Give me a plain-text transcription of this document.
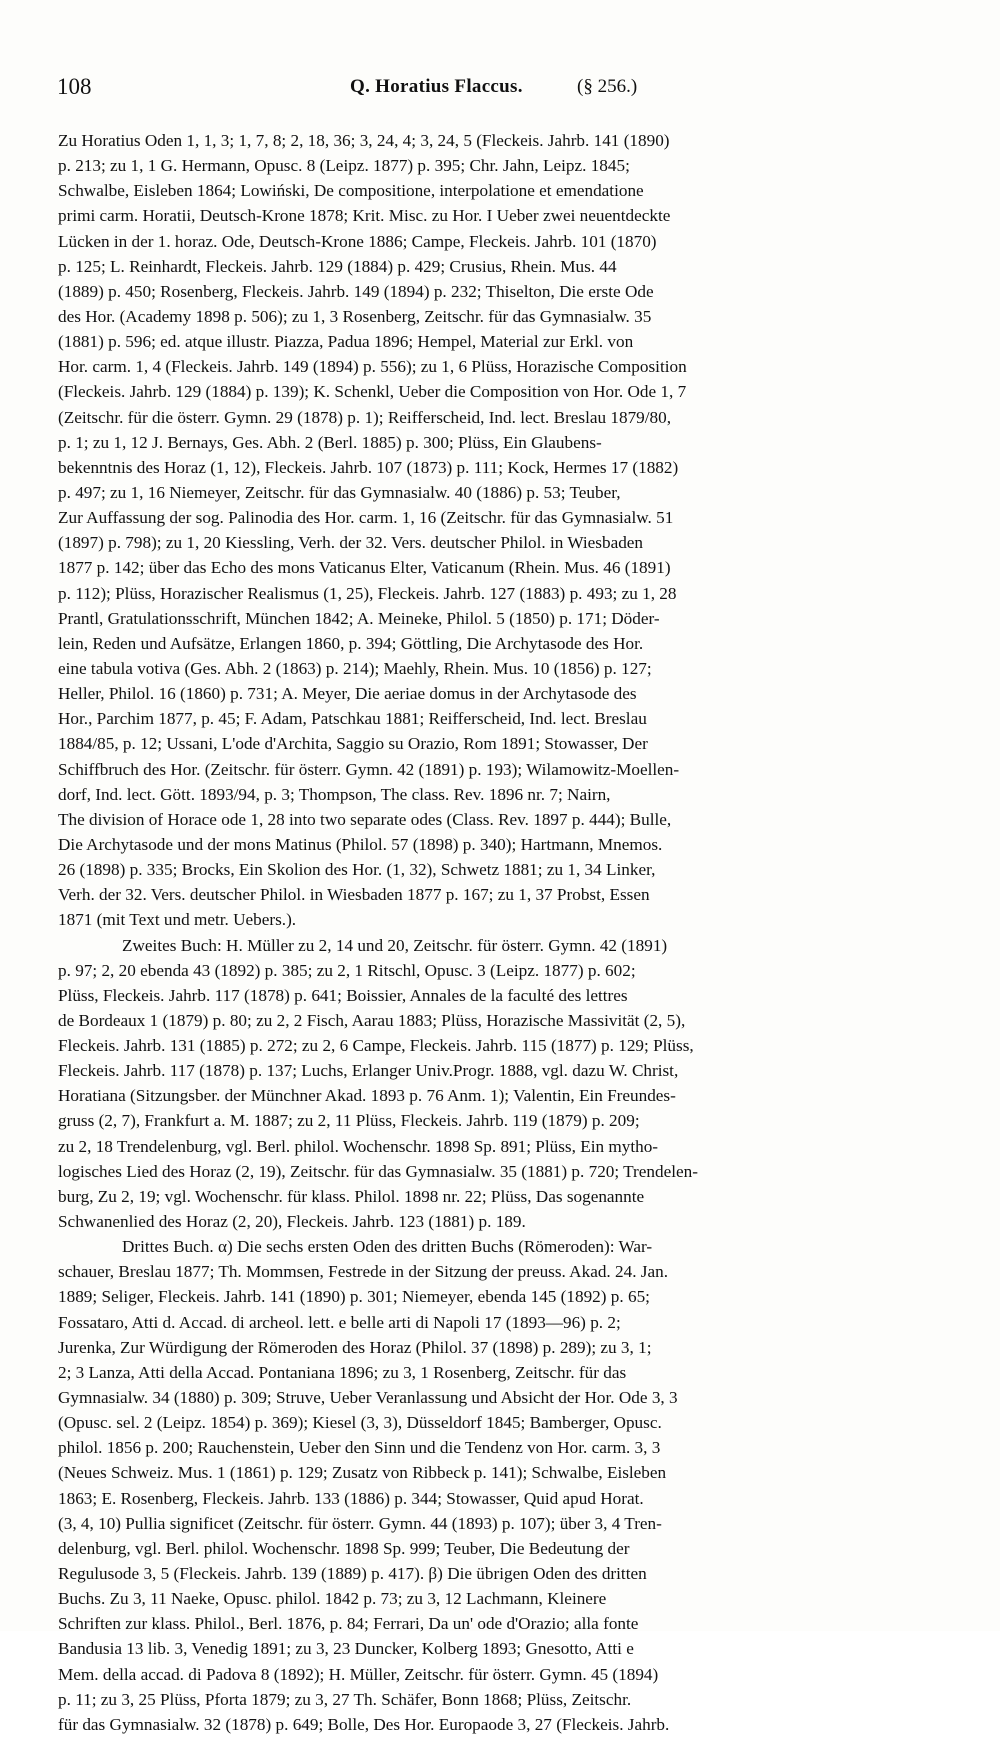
108	Q. Horatius Flaccus.	(§ 256.)
Zu Horatius Oden 1, 1, 3; 1, 7, 8; 2, 18, 36; 3, 24, 4; 3, 24, 5 (Fleckeis. Jahrb. 141 (1890)
p. 213; zu 1, 1 G. Hermann, Opusc. 8 (Leipz. 1877) p. 395; Chr. Jahn, Leipz. 1845;
Schwalbe, Eisleben 1864; Lowiński, De compositione, interpolatione et emendatione
primi carm. Horatii, Deutsch-Krone 1878; Krit. Misc. zu Hor. I Ueber zwei neuentdeckte
Lücken in der 1. horaz. Ode, Deutsch-Krone 1886; Campe, Fleckeis. Jahrb. 101 (1870)
p. 125; L. Reinhardt, Fleckeis. Jahrb. 129 (1884) p. 429; Crusius, Rhein. Mus. 44
(1889) p. 450; Rosenberg, Fleckeis. Jahrb. 149 (1894) p. 232; Thiselton, Die erste Ode
des Hor. (Academy 1898 p. 506); zu 1, 3 Rosenberg, Zeitschr. für das Gymnasialw. 35
(1881) p. 596; ed. atque illustr. Piazza, Padua 1896; Hempel, Material zur Erkl. von
Hor. carm. 1, 4 (Fleckeis. Jahrb. 149 (1894) p. 556); zu 1, 6 Plüss, Horazische Composition
(Fleckeis. Jahrb. 129 (1884) p. 139); K. Schenkl, Ueber die Composition von Hor. Ode 1, 7
(Zeitschr. für die österr. Gymn. 29 (1878) p. 1); Reifferscheid, Ind. lect. Breslau 1879/80,
p. 1; zu 1, 12 J. Bernays, Ges. Abh. 2 (Berl. 1885) p. 300; Plüss, Ein Glaubens-
bekenntnis des Horaz (1, 12), Fleckeis. Jahrb. 107 (1873) p. 111; Kock, Hermes 17 (1882)
p. 497; zu 1, 16 Niemeyer, Zeitschr. für das Gymnasialw. 40 (1886) p. 53; Teuber,
Zur Auffassung der sog. Palinodia des Hor. carm. 1, 16 (Zeitschr. für das Gymnasialw. 51
(1897) p. 798); zu 1, 20 Kiessling, Verh. der 32. Vers. deutscher Philol. in Wiesbaden
1877 p. 142; über das Echo des mons Vaticanus Elter, Vaticanum (Rhein. Mus. 46 (1891)
p. 112); Plüss, Horazischer Realismus (1, 25), Fleckeis. Jahrb. 127 (1883) p. 493; zu 1, 28
Prantl, Gratulationsschrift, München 1842; A. Meineke, Philol. 5 (1850) p. 171; Döder-
lein, Reden und Aufsätze, Erlangen 1860, p. 394; Göttling, Die Archytasode des Hor.
eine tabula votiva (Ges. Abh. 2 (1863) p. 214); Maehly, Rhein. Mus. 10 (1856) p. 127;
Heller, Philol. 16 (1860) p. 731; A. Meyer, Die aeriae domus in der Archytasode des
Hor., Parchim 1877, p. 45; F. Adam, Patschkau 1881; Reifferscheid, Ind. lect. Breslau
1884/85, p. 12; Ussani, L'ode d'Archita, Saggio su Orazio, Rom 1891; Stowasser, Der
Schiffbruch des Hor. (Zeitschr. für österr. Gymn. 42 (1891) p. 193); Wilamowitz-Moellen-
dorf, Ind. lect. Gött. 1893/94, p. 3; Thompson, The class. Rev. 1896 nr. 7; Nairn,
The division of Horace ode 1, 28 into two separate odes (Class. Rev. 1897 p. 444); Bulle,
Die Archytasode und der mons Matinus (Philol. 57 (1898) p. 340); Hartmann, Mnemos.
26 (1898) p. 335; Brocks, Ein Skolion des Hor. (1, 32), Schwetz 1881; zu 1, 34 Linker,
Verh. der 32. Vers. deutscher Philol. in Wiesbaden 1877 p. 167; zu 1, 37 Probst, Essen
1871 (mit Text und metr. Uebers.).
Zweites Buch: H. Müller zu 2, 14 und 20, Zeitschr. für österr. Gymn. 42 (1891)
p. 97; 2, 20 ebenda 43 (1892) p. 385; zu 2, 1 Ritschl, Opusc. 3 (Leipz. 1877) p. 602;
Plüss, Fleckeis. Jahrb. 117 (1878) p. 641; Boissier, Annales de la faculté des lettres
de Bordeaux 1 (1879) p. 80; zu 2, 2 Fisch, Aarau 1883; Plüss, Horazische Massivität (2, 5),
Fleckeis. Jahrb. 131 (1885) p. 272; zu 2, 6 Campe, Fleckeis. Jahrb. 115 (1877) p. 129; Plüss,
Fleckeis. Jahrb. 117 (1878) p. 137; Luchs, Erlanger Univ.Progr. 1888, vgl. dazu W. Christ,
Horatiana (Sitzungsber. der Münchner Akad. 1893 p. 76 Anm. 1); Valentin, Ein Freundes-
gruss (2, 7), Frankfurt a. M. 1887; zu 2, 11 Plüss, Fleckeis. Jahrb. 119 (1879) p. 209;
zu 2, 18 Trendelenburg, vgl. Berl. philol. Wochenschr. 1898 Sp. 891; Plüss, Ein mytho-
logisches Lied des Horaz (2, 19), Zeitschr. für das Gymnasialw. 35 (1881) p. 720; Trendelen-
burg, Zu 2, 19; vgl. Wochenschr. für klass. Philol. 1898 nr. 22; Plüss, Das sogenannte
Schwanenlied des Horaz (2, 20), Fleckeis. Jahrb. 123 (1881) p. 189.
Drittes Buch. α) Die sechs ersten Oden des dritten Buchs (Römeroden): War-
schauer, Breslau 1877; Th. Mommsen, Festrede in der Sitzung der preuss. Akad. 24. Jan.
1889; Seliger, Fleckeis. Jahrb. 141 (1890) p. 301; Niemeyer, ebenda 145 (1892) p. 65;
Fossataro, Atti d. Accad. di archeol. lett. e belle arti di Napoli 17 (1893—96) p. 2;
Jurenka, Zur Würdigung der Römeroden des Horaz (Philol. 37 (1898) p. 289); zu 3, 1;
2; 3 Lanza, Atti della Accad. Pontaniana 1896; zu 3, 1 Rosenberg, Zeitschr. für das
Gymnasialw. 34 (1880) p. 309; Struve, Ueber Veranlassung und Absicht der Hor. Ode 3, 3
(Opusc. sel. 2 (Leipz. 1854) p. 369); Kiesel (3, 3), Düsseldorf 1845; Bamberger, Opusc.
philol. 1856 p. 200; Rauchenstein, Ueber den Sinn und die Tendenz von Hor. carm. 3, 3
(Neues Schweiz. Mus. 1 (1861) p. 129; Zusatz von Ribbeck p. 141); Schwalbe, Eisleben
1863; E. Rosenberg, Fleckeis. Jahrb. 133 (1886) p. 344; Stowasser, Quid apud Horat.
(3, 4, 10) Pullia significet (Zeitschr. für österr. Gymn. 44 (1893) p. 107); über 3, 4 Tren-
delenburg, vgl. Berl. philol. Wochenschr. 1898 Sp. 999; Teuber, Die Bedeutung der
Regulusode 3, 5 (Fleckeis. Jahrb. 139 (1889) p. 417). β) Die übrigen Oden des dritten
Buchs. Zu 3, 11 Naeke, Opusc. philol. 1842 p. 73; zu 3, 12 Lachmann, Kleinere
Schriften zur klass. Philol., Berl. 1876, p. 84; Ferrari, Da un' ode d'Orazio; alla fonte
Bandusia 13 lib. 3, Venedig 1891; zu 3, 23 Duncker, Kolberg 1893; Gnesotto, Atti e
Mem. della accad. di Padova 8 (1892); H. Müller, Zeitschr. für österr. Gymn. 45 (1894)
p. 11; zu 3, 25 Plüss, Pforta 1879; zu 3, 27 Th. Schäfer, Bonn 1868; Plüss, Zeitschr.
für das Gymnasialw. 32 (1878) p. 649; Bolle, Des Hor. Europaode 3, 27 (Fleckeis. Jahrb.
